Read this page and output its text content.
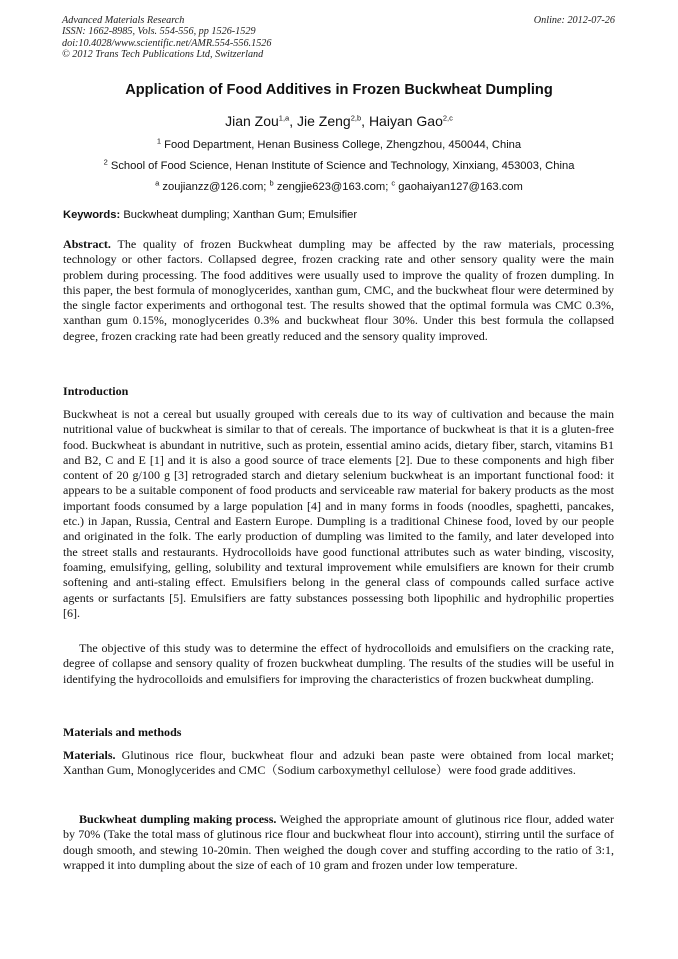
Advanced Materials Research
ISSN: 1662-8985, Vols. 554-556, pp 1526-1529
doi:10.4028/www.scientific.net/AMR.554-556.1526
© 2012 Trans Tech Publications Ltd, Switzerland
Online: 2012-07-26
Application of Food Additives in Frozen Buckwheat Dumpling
Jian Zou$^{1,a}$, Jie Zeng$^{2,b}$, Haiyan Gao$^{2,c}$
$^1$ Food Department, Henan Business College, Zhengzhou, 450044, China
$^2$ School of Food Science, Henan Institute of Science and Technology, Xinxiang, 453003, China
$^a$ zoujianzz@126.com; $^b$ zengjie623@163.com; $^c$ gaohaiyan127@163.com
Keywords: Buckwheat dumpling; Xanthan Gum; Emulsifier
Abstract. The quality of frozen Buckwheat dumpling may be affected by the raw materials, processing technology or other factors. Collapsed degree, frozen cracking rate and other sensory quality were the main problem during processing. The food additives were usually used to improve the quality of frozen dumpling. In this paper, the best formula of monoglycerides, xanthan gum, CMC, and the buckwheat flour were determined by the single factor experiments and orthogonal test. The results showed that the optimal formula was CMC 0.3%, xanthan gum 0.15%, monoglycerides 0.3% and buckwheat flour 30%. Under this best formula the collapsed degree, frozen cracking rate had been greatly reduced and the sensory quality improved.
Introduction
Buckwheat is not a cereal but usually grouped with cereals due to its way of cultivation and because the main nutritional value of buckwheat is similar to that of cereals. The importance of buckwheat is that it is a gluten-free food. Buckwheat is abundant in nutritive, such as protein, essential amino acids, dietary fiber, starch, vitamins B1 and B2, C and E [1] and it is also a good source of trace elements [2]. Due to these components and high fiber content of 20 g/100 g [3] retrograded starch and dietary selenium buckwheat is an important functional food: it appears to be a suitable component of food products and serviceable raw material for bakery products as the most important foods consumed by a large population [4] and in many forms in foods (noodles, spaghetti, pancakes, etc.) in Japan, Russia, Central and Eastern Europe. Dumpling is a traditional Chinese food, loved by our people and originated in the folk. The early production of dumpling was limited to the family, and later developed into the street stalls and restaurants. Hydrocolloids have good functional attributes such as water binding, viscosity, foaming, emulsifying, gelling, solubility and textural improvement while emulsifiers are known for their crumb softening and anti-staling effect. Emulsifiers belong in the general class of compounds called surface active agents or surfactants [5]. Emulsifiers are fatty substances possessing both lipophilic and hydrophilic properties [6].
The objective of this study was to determine the effect of hydrocolloids and emulsifiers on the cracking rate, degree of collapse and sensory quality of frozen buckwheat dumpling. The results of the studies will be useful in identifying the hydrocolloids and emulsifiers for improving the characteristics of frozen buckwheat dumpling.
Materials and methods
Materials. Glutinous rice flour, buckwheat flour and adzuki bean paste were obtained from local market; Xanthan Gum, Monoglycerides and CMC（Sodium carboxymethyl cellulose）were food grade additives.
Buckwheat dumpling making process. Weighed the appropriate amount of glutinous rice flour, added water by 70% (Take the total mass of glutinous rice flour and buckwheat flour into account), stirring until the surface of dough smooth, and stewing 10-20min. Then weighed the dough cover and stuffing according to the ratio of 3:1, wrapped it into dumpling about the size of each of 10 gram and frozen under low temperature.
